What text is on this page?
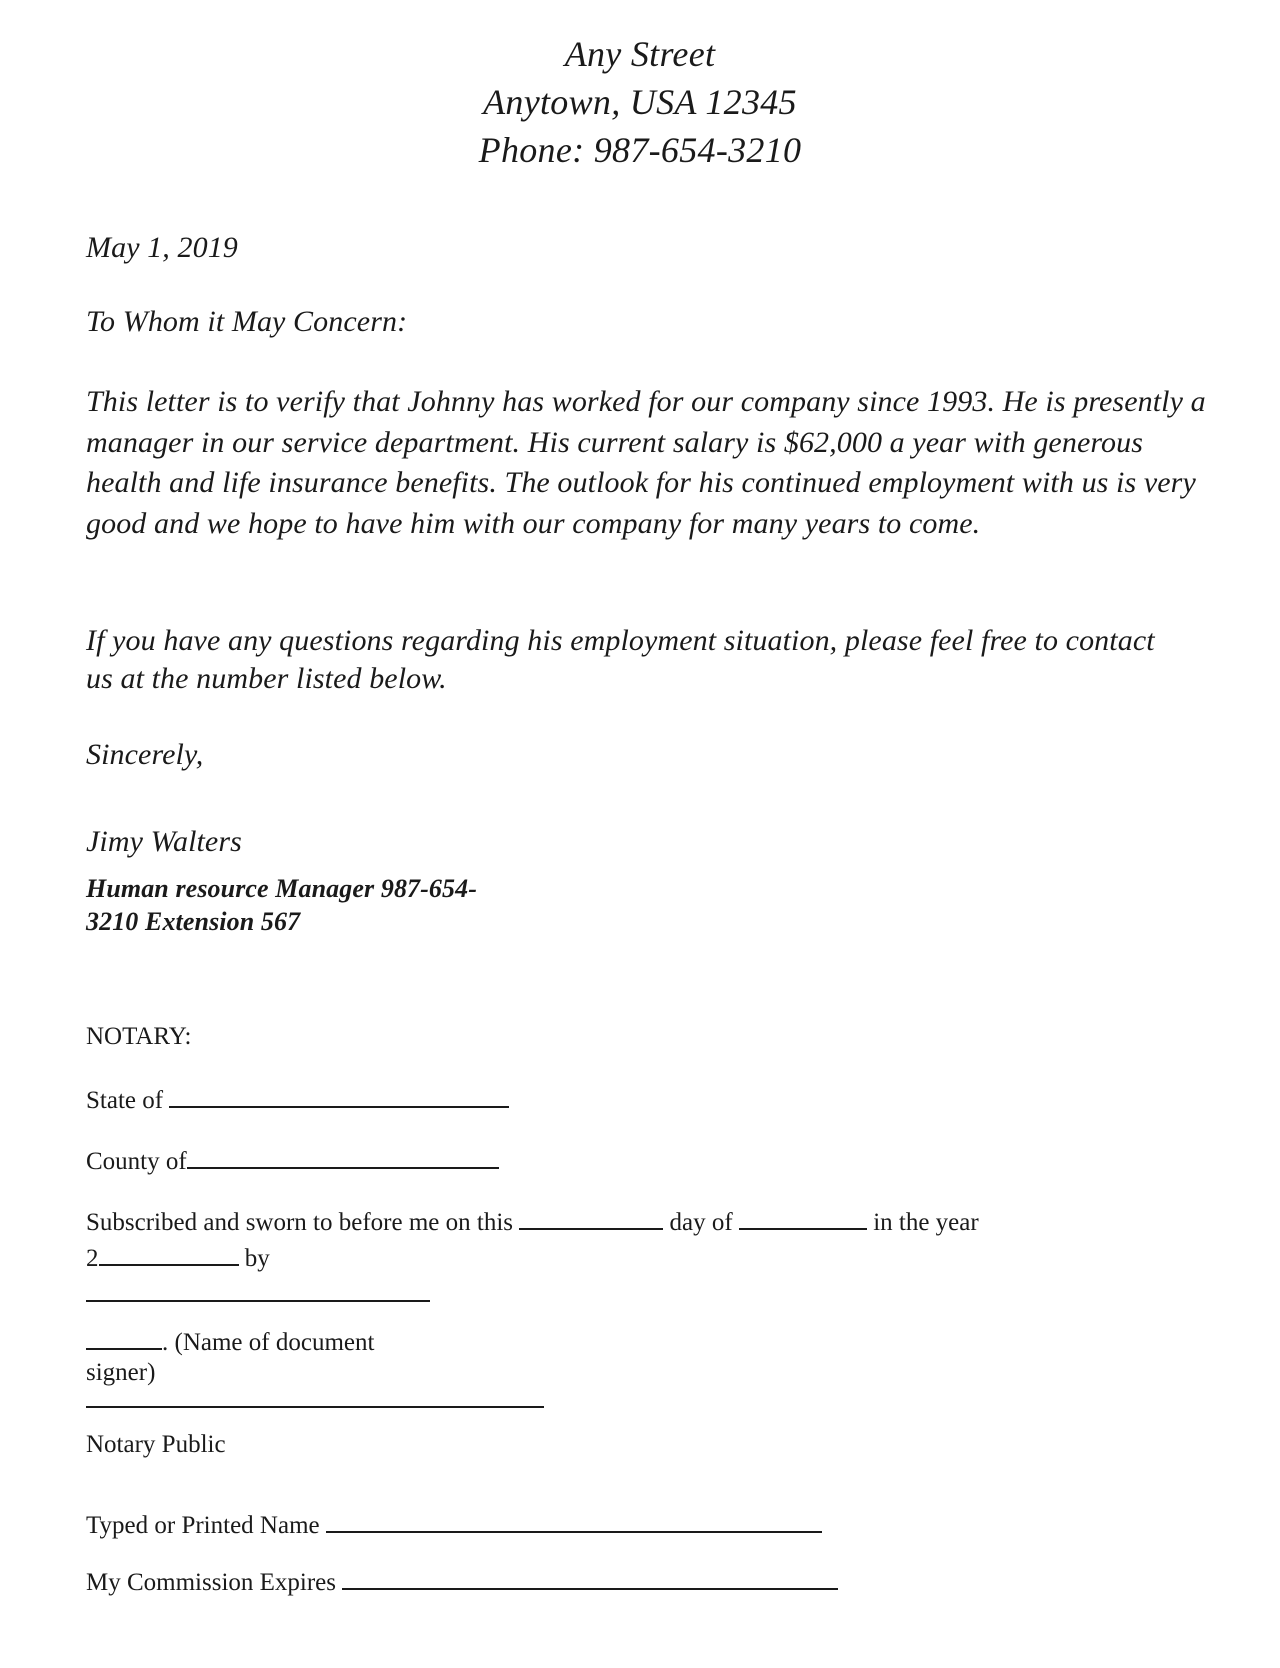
Any Street
Anytown, USA 12345
Phone: 987-654-3210
May 1, 2019
To Whom it May Concern:
This letter is to verify that Johnny has worked for our company since 1993. He is presently a manager in our service department. His current salary is $62,000 a year with generous health and life insurance benefits. The outlook for his continued employment with us is very good and we hope to have him with our company for many years to come.
If you have any questions regarding his employment situation, please feel free to contact us at the number listed below.
Sincerely,
Jimy Walters
Human resource Manager 987-654-3210 Extension 567
NOTARY:
State of
County of
Subscribed and sworn to before me on this	day of	in the year
2	by
. (Name of document signer)
Notary Public
Typed or Printed Name
My Commission Expires
